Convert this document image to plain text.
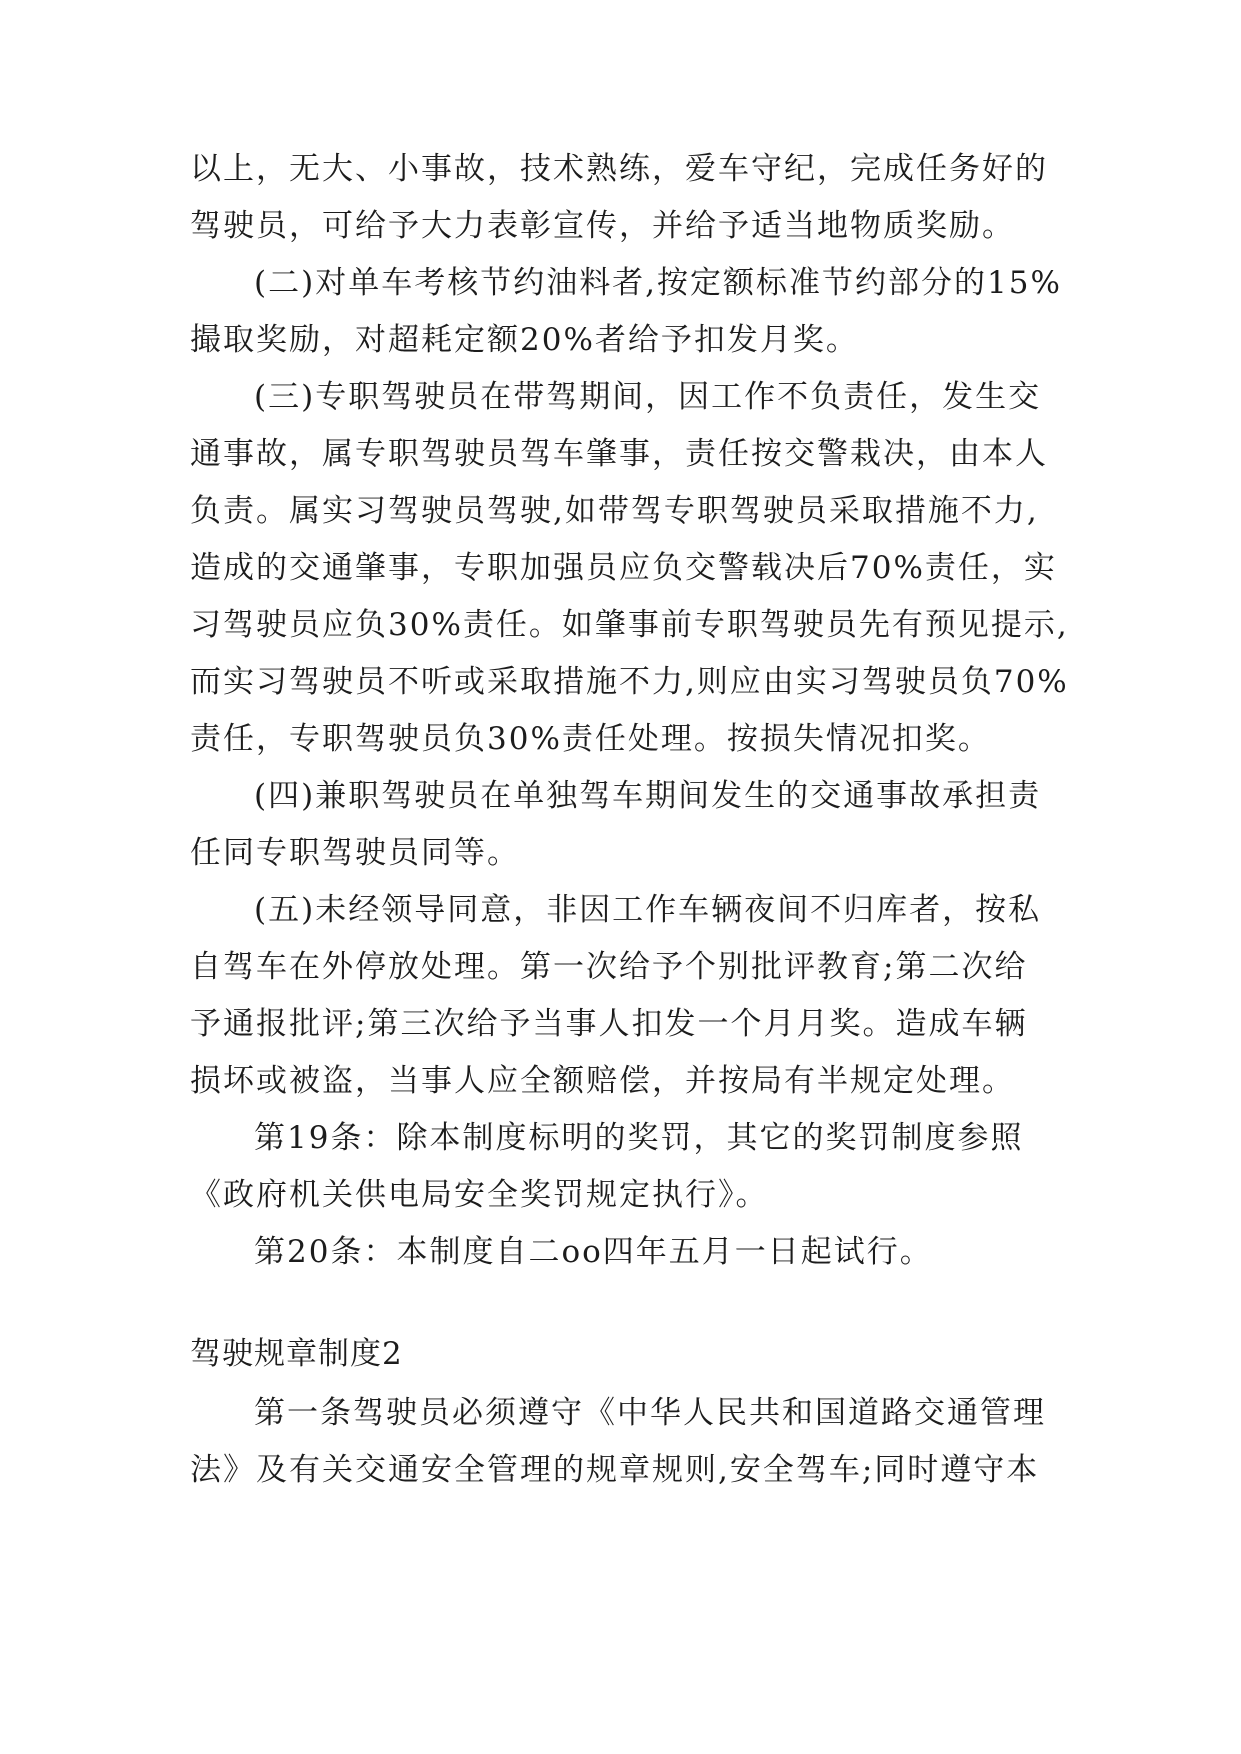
以上，无大、小事故，技术熟练，爱车守纪，完成任务好的
驾驶员，可给予大力表彰宣传，并给予适当地物质奖励。
(二)对单车考核节约油料者,按定额标准节约部分的15%
撮取奖励，对超耗定额20%者给予扣发月奖。
(三)专职驾驶员在带驾期间，因工作不负责任，发生交
通事故，属专职驾驶员驾车肇事，责任按交警栽决，由本人
负责。属实习驾驶员驾驶,如带驾专职驾驶员采取措施不力,
造成的交通肇事，专职加强员应负交警载决后70%责任，实
习驾驶员应负30%责任。如肇事前专职驾驶员先有预见提示,
而实习驾驶员不听或采取措施不力,则应由实习驾驶员负70%
责任，专职驾驶员负30%责任处理。按损失情况扣奖。
(四)兼职驾驶员在单独驾车期间发生的交通事故承担责
任同专职驾驶员同等。
(五)未经领导同意，非因工作车辆夜间不归库者，按私
自驾车在外停放处理。第一次给予个别批评教育;第二次给
予通报批评;第三次给予当事人扣发一个月月奖。造成车辆
损坏或被盗，当事人应全额赔偿，并按局有半规定处理。
第19条：除本制度标明的奖罚，其它的奖罚制度参照
《政府机关供电局安全奖罚规定执行》。
第20条：本制度自二oo四年五月一日起试行。
驾驶规章制度2
第一条驾驶员必须遵守《中华人民共和国道路交通管理
法》及有关交通安全管理的规章规则,安全驾车;同时遵守本
